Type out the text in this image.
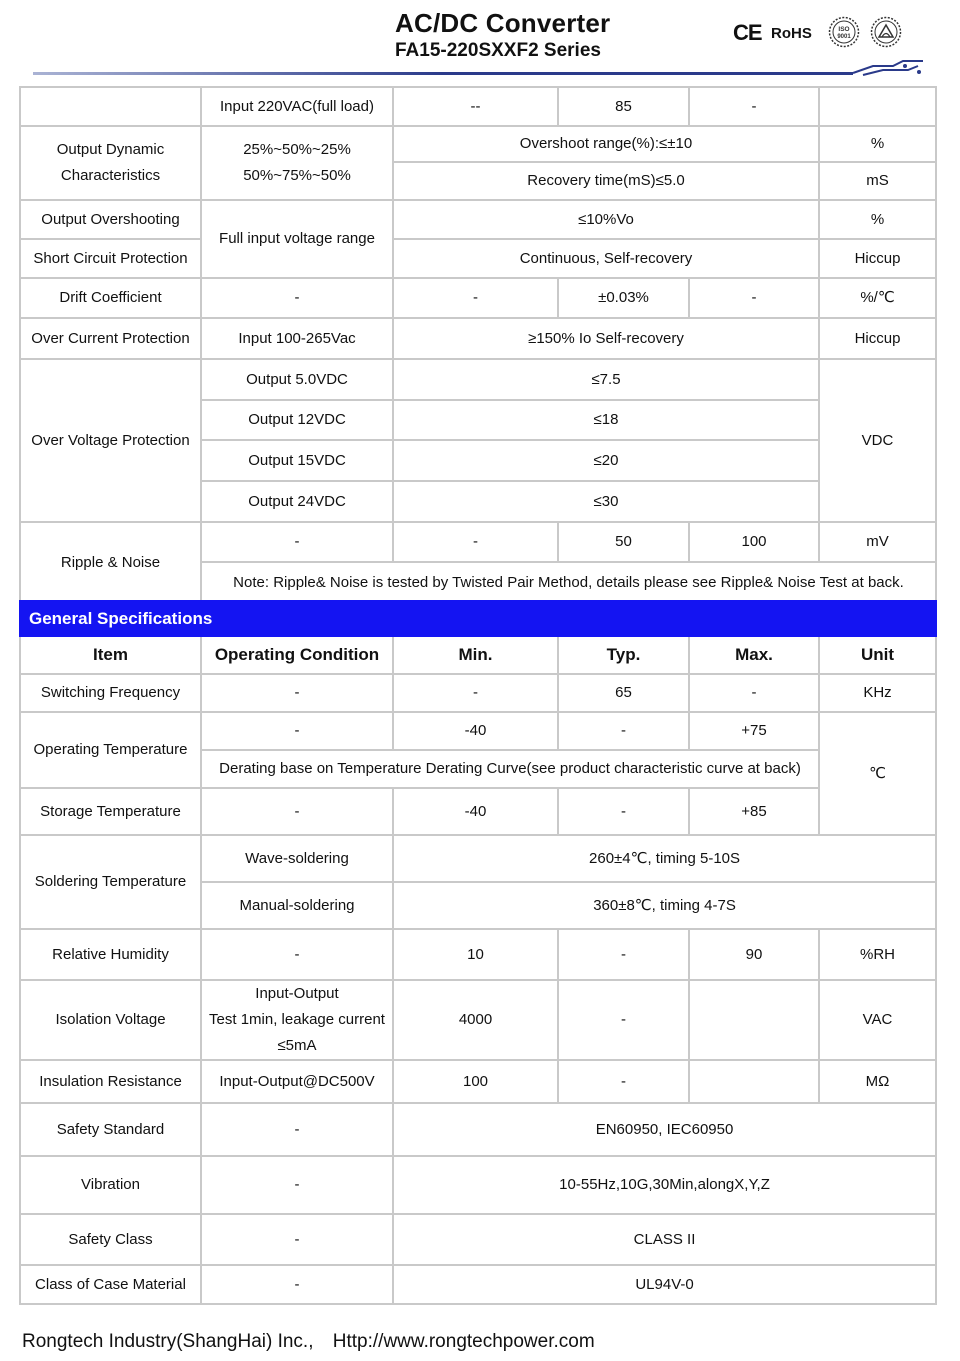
AC/DC Converter
FA15-220SXXF2 Series
CE RoHS	ISO
9001
	Input 220VAC(full load)	--	85	-	
Output Dynamic Characteristics	25%~50%~25%
50%~75%~50%	Overshoot range(%):≤±10			%
		Recovery time(mS)≤5.0			mS
Output Overshooting	Full input voltage range	≤10%Vo			%
Short Circuit Protection		Continuous, Self-recovery			Hiccup
Drift Coefficient	-	-	±0.03%	-	%/℃
Over Current Protection	Input 100-265Vac	≥150% Io Self-recovery			Hiccup
Over Voltage Protection	Output 5.0VDC	≤7.5			VDC
	Output 12VDC	≤18			
	Output 15VDC	≤20			
	Output 24VDC	≤30			
Ripple & Noise	-	-	50	100	mV
	Note: Ripple& Noise is tested by Twisted Pair Method, details please see Ripple& Noise Test at back.				
General Specifications					
Item	Operating Condition	Min.	Typ.	Max.	Unit
Switching Frequency	-	-	65	-	KHz
Operating Temperature	-	-40	-	+75	℃
	Derating base on Temperature Derating Curve(see product characteristic curve at back)				
Storage Temperature	-	-40	-	+85	
Soldering Temperature	Wave-soldering	260±4℃, timing 5-10S			
	Manual-soldering	360±8℃, timing 4-7S			
Relative Humidity	-	10	-	90	%RH
Isolation Voltage	Input-Output
Test 1min, leakage current
≤5mA	4000	-		VAC
Insulation Resistance	Input-Output@DC500V	100	-		MΩ
Safety Standard	-	EN60950, IEC60950			
Vibration	-	10-55Hz,10G,30Min,alongX,Y,Z			
Safety Class	-	CLASS II			
Class of Case Material	-	UL94V-0			
Rongtech Industry(ShangHai) Inc., Http://www.rongtechpower.com
